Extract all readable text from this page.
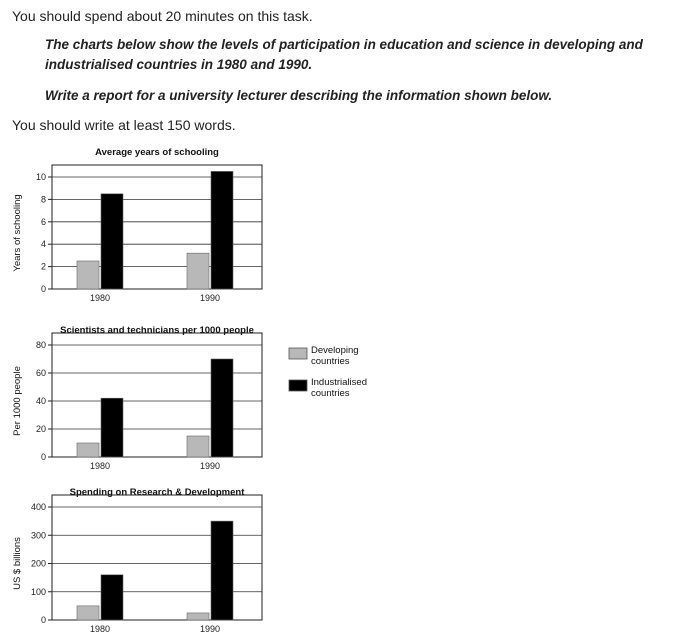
You should spend about 20 minutes on this task.
The charts below show the levels of participation in education and science in developing and industrialised countries in 1980 and 1990.
Write a report for a university lecturer describing the information shown below.
You should write at least 150 words.
Average years of schooling
0
2
4
6
8
10
Years of schooling
1980	1990
Scientists and technicians per 1000 people
0
20
40
60
80
Per 1000 people
1980	1990
Spending on Research & Development
0
100
200
300
400
US $ billions
1980	1990
Developing
countries
Industrialised
countries
